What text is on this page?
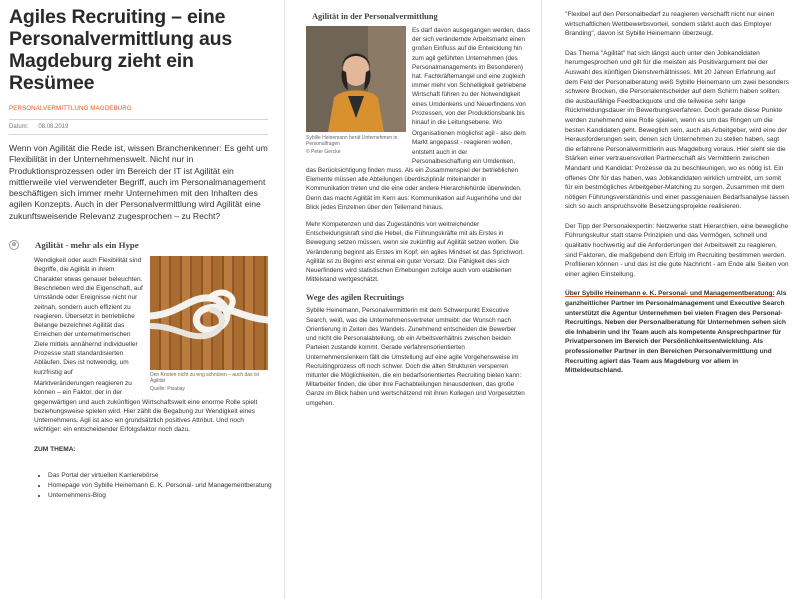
Agiles Recruiting – eine Personalvermittlung aus Magdeburg zieht ein Resümee
PERSONALVERMITTLUNG MAGDEBURG
Datum: 08.08.2019

Wenn von Agilität die Rede ist, wissen Branchenkenner: Es geht um Flexibilität in der Unternehmenswelt. Nicht nur in Produktionsprozessen oder im Bereich der IT ist Agilität ein mittlerweile viel verwendeter Begriff, auch im Personalmanagement beschäftigen sich immer mehr Unternehmen mit den Inhalten des agilen Konzepts. Auch in der Personalvermittlung wird Agilität eine zukunftsweisende Relevanz zugesprochen – zu Recht?

⊕ Agilität - mehr als ein Hype
Den Knoten nicht zu eng schnüren – auch das ist Agilität
Quelle: Pixabay

Wendigkeit oder auch Flexibilität sind Begriffe, die Agilität in ihrem Charakter etwas genauer beleuchten. Beschrieben wird die Eigenschaft, auf Umstände oder Ereignisse nicht nur zeitnah, sondern auch effizient zu reagieren. Übersetzt in betriebliche Belange bezeichnet Agilität das Erreichen der unternehmerischen Ziele mittels annähernd individueller Prozesse statt standardisierten Abläufen. Dies ist notwendig, um kurzfristig auf

Marktveränderungen reagieren zu können – ein Faktor, der in der gegenwärtigen und auch zukünftigen Wirtschaftswelt eine enorme Rolle spielt beziehungsweise spielen wird. Hier zählt die Begabung zur Wendigkeit eines Unternehmens. Agil ist also ein grundsätzlich positives Attribut. Und noch wichtiger: ein entscheidender Erfolgsfaktor noch dazu.

ZUM THEMA:
• Das Portal der virtuellen Karrierebörse
• Homepage von Sybille Heinemann E. K. Personal- und Managementberatung
• Unternehmens-Blog
Agilität in der Personalvermittlung
Sybille Heinemann berät Unternehmen in Personalfragen
© Peter Gercke

Es darf davon ausgegangen werden, dass der sich verändernde Arbeitsmarkt einen großen Einfluss auf die Entwicklung hin zum agil geführten Unternehmen (des Personalmanagements im Besonderen) hat. Fachkräftemangel und eine zugleich immer mehr von Schnelligkeit getriebene Wirtschaft führen zu der Notwendigkeit eines Umdenkens und Neuerfindens von Prozessen, von der Produktionsbank bis hinauf in die Leitungsebene. Wo

Organisationen möglichst agil - also dem Markt angepasst - reagieren wollen, entsteht auch in der Personalbeschaffung ein Umdenken, das Berücksichtigung finden muss. Als ein Zusammenspiel der betrieblichen Elemente müssen alle Abteilungen überdisziplinär miteinander in Kommunikation treten und die eine oder andere Hierarchiehürde überwinden. Denn das macht Agilität im Kern aus: Kommunikation auf Augenhöhe und der Blick jedes Einzelnen über den Tellerrand hinaus.

Mehr Kompetenzen und das Zugeständnis von weitreichender Entscheidungskraft sind die Hebel, die Führungskräfte mit als Erstes in Bewegung setzen müssen, wenn sie zukünftig auf Agilität setzen wollen. Die Veränderung beginnt als Erstes im Kopf; ein agiles Mindset ist das Sprichwort. Agilität ist zu Beginn erst einmal ein guter Vorsatz. Die Fähigkeit des sich Neuerfindens wird statistischen Erhebungen zufolge auch vom etablierten Mittelstand wertgeschätzt.

Wege des agilen Recruitings

Sybille Heinemann, Personalvermittlerin mit dem Schwerpunkt Executive Search, weiß, was die Unternehmensvertreter umtreibt: der Wunsch nach Orientierung in Zeiten des Wandels. Zunehmend entscheiden die Bewerber und nicht die Personalabteilung, ob ein Arbeitsverhältnis zwischen beiden Parteien zustande kommt. Gerade verfahrensorientierten Unternehmenslenkern fällt die Umstellung auf eine agile Vorgehensweise im Recruitingprozess oft noch schwer. Doch die alten Strukturen versperren mitunter die Möglichkeiten, die ein bedarfsorientiertes Recruiting bieten kann: Mitarbeiter finden, die über ihre Fachabteilungen hinausdenken, das große Ganze im Blick haben und wertschätzend mit ihren Kollegen und Vorgesetzten umgehen.

"Flexibel auf den Personalbedarf zu reagieren verschafft nicht nur einen wirtschaftlichen Wettbewerbsvorteil, sondern stärkt auch das Employer Branding", davon ist Sybille Heinemann überzeugt.

Das Thema "Agilität" hat sich längst auch unter den Jobkandidaten herumgesprochen und gilt für die meisten als Positivargument bei der Auswahl des künftigen Dienstverhältnisses. Mit 20 Jahren Erfahrung auf dem Feld der Personalberatung weiß Sybille Heinemann um zwei besonders schwere Brocken, die Personalentscheider auf dem Schirm haben sollten: die ausbaufähige Feedbackquote und die teilweise sehr lange Rückmeldungsdauer im Bewerbungsverfahren. Doch gerade diese Punkte werden zunehmend eine Rolle spielen, wenn es um das Ringen um die besten Kandidaten geht. Beweglich sein, auch als Arbeitgeber, wird eine der Herausforderungen sein, denen sich Unternehmen zu stellen haben, sagt die erfahrene Personalvermittlerin aus Magdeburg voraus. Hier sieht sie die Stärken einer vertrauensvollen Partnerschaft als Vermittlerin zwischen Mandant und Kandidat: Prozesse da zu beschleunigen, wo es nötig ist. Ein offenes Ohr für das haben, was Jobkandidaten wirklich umtreibt, um somit für ein bestmögliches Arbeitgeber-Matching zu sorgen. Zusammen mit dem nötigen Führungsverständnis und einer passgenauen Bedarfsanalyse lassen sich so auch anspruchsvolle Besetzungsprojekte realisieren.

Der Tipp der Personalexpertin: Netzwerke statt Hierarchien, eine bewegliche Führungskultur statt starre Prinzipien und das Vermögen, schnell und qualitativ hochwertig auf die Anforderungen der Arbeitswelt zu reagieren, sind Faktoren, die maßgebend den Erfolg im Recruiting bestimmen werden. Profitieren können - und das ist die gute Nachricht - am Ende alle Seiten von einer agilen Einstellung.

Über Sybille Heinemann e. K. Personal- und Managementberatung: Als ganzheitlicher Partner im Personalmanagement und Executive Search unterstützt die Agentur Unternehmen bei vielen Fragen des Personal-Recruitings. Neben der Personalberatung für Unternehmen sehen sich die Inhaberin und ihr Team auch als kompetente Ansprechpartner für Privatpersonen im Bereich der Persönlichkeitsentwicklung. Als professioneller Partner in den Bereichen Personalvermittlung und Recruiting agiert das Team aus Magdeburg vor allem in Mitteldeutschland.
